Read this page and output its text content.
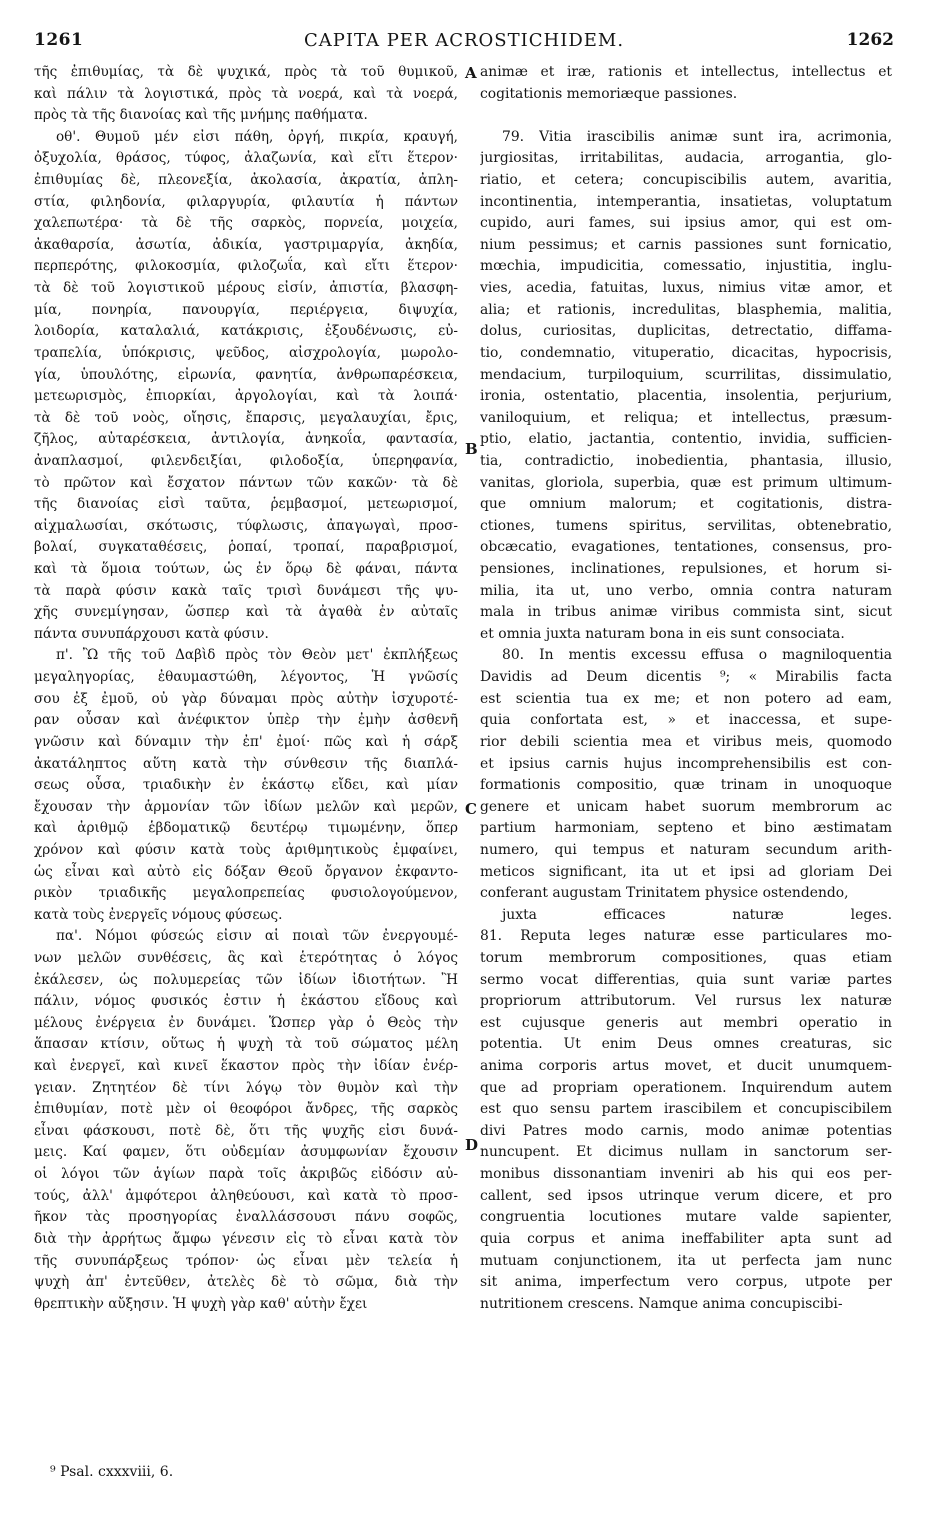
1261	CAPITA PER ACROSTICHIDEM.	1262
τῆς ἐπιθυμίας, τὰ δὲ ψυχικά, πρὸς τὰ τοῦ θυμικοῦ,
καὶ πάλιν τὰ λογιστικά, πρὸς τὰ νοερά, καὶ τὰ νοερά,
πρὸς τὰ τῆς διανοίας καὶ τῆς μνήμης παθήματα.
οθ'. Θυμοῦ μέν εἰσι πάθη, ὀργή, πικρία, κραυγή,
ὀξυχολία, θράσος, τύφος, ἀλαζωνία, καὶ εἴτι ἕτερον·
ἐπιθυμίας δὲ, πλεονεξία, ἀκολασία, ἀκρατία, ἀπλη-
στία, φιληδονία, φιλαργυρία, φιλαυτία ἡ πάντων
χαλεπωτέρα· τὰ δὲ τῆς σαρκὸς, πορνεία, μοιχεία,
ἀκαθαρσία, ἀσωτία, ἀδικία, γαστριμαργία, ἀκηδία,
περπερότης, φιλοκοσμία, φιλοζωΐα, καὶ εἴτι ἕτερον·
τὰ δὲ τοῦ λογιστικοῦ μέρους εἰσίν, ἀπιστία, βλασφη-
μία, πονηρία, πανουργία, περιέργεια, διψυχία,
λοιδορία, καταλαλιά, κατάκρισις, ἐξουδένωσις, εὐ-
τραπελία, ὑπόκρισις, ψεῦδος, αἰσχρολογία, μωρολο-
γία, ὑπουλότης, εἰρωνία, φανητία, ἀνθρωπαρέσκεια,
μετεωρισμὸς, ἐπιορκίαι, ἀργολογίαι, καὶ τὰ λοιπά·
τὰ δὲ τοῦ νοὸς, οἴησις, ἔπαρσις, μεγαλαυχίαι, ἔρις,
ζῆλος, αὐταρέσκεια, ἀντιλογία, ἀνηκοΐα, φαντασία,
ἀναπλασμοί, φιλενδειξίαι, φιλοδοξία, ὑπερηφανία,
τὸ πρῶτον καὶ ἔσχατον πάντων τῶν κακῶν· τὰ δὲ
τῆς διανοίας εἰσὶ ταῦτα, ῥεμβασμοί, μετεωρισμοί,
αἰχμαλωσίαι, σκότωσις, τύφλωσις, ἀπαγωγαὶ, προσ-
βολαί, συγκαταθέσεις, ῥοπαί, τροπαί, παραβρισμοί,
καὶ τὰ ὅμοια τούτων, ὡς ἐν ὅρῳ δὲ φάναι, πάντα
τὰ παρὰ φύσιν κακὰ ταῖς τρισὶ δυνάμεσι τῆς ψυ-
χῆς συνεμίγησαν, ὥσπερ καὶ τὰ ἀγαθὰ ἐν αὐταῖς
πάντα συνυπάρχουσι κατὰ φύσιν.
π'. Ὢ τῆς τοῦ Δαβὶδ πρὸς τὸν Θεὸν μετ' ἐκπλήξεως
μεγαληγορίας, ἐθαυμαστώθη, λέγοντος, Ἡ γνῶσίς
σου ἐξ ἐμοῦ, οὐ γὰρ δύναμαι πρὸς αὐτὴν ἰσχυροτέ-
ραν οὖσαν καὶ ἀνέφικτον ὑπὲρ τὴν ἐμὴν ἀσθενῆ
γνῶσιν καὶ δύναμιν τὴν ἐπ' ἐμοί· πῶς καὶ ἡ σάρξ
ἀκατάληπτος αὕτη κατὰ τὴν σύνθεσιν τῆς διαπλά-
σεως οὖσα, τριαδικὴν ἐν ἑκάστῳ εἴδει, καὶ μίαν
ἔχουσαν τὴν ἁρμονίαν τῶν ἰδίων μελῶν καὶ μερῶν,
καὶ ἀριθμῷ ἑβδοματικῷ δευτέρῳ τιμωμένην, ὅπερ
χρόνον καὶ φύσιν κατὰ τοὺς ἀριθμητικοὺς ἐμφαίνει,
ὡς εἶναι καὶ αὐτὸ εἰς δόξαν Θεοῦ ὄργανον ἐκφαντο-
ρικὸν τριαδικῆς μεγαλοπρεπείας φυσιολογούμενον,
κατὰ τοὺς ἐνεργεῖς νόμους φύσεως.
πα'. Νόμοι φύσεώς εἰσιν αἱ ποιαὶ τῶν ἐνεργουμέ-
νων μελῶν συνθέσεις, ἃς καὶ ἑτερότητας ὁ λόγος
ἐκάλεσεν, ὡς πολυμερείας τῶν ἰδίων ἰδιοτήτων. Ἢ
πάλιν, νόμος φυσικός ἐστιν ἡ ἑκάστου εἴδους καὶ
μέλους ἐνέργεια ἐν δυνάμει. Ὥσπερ γὰρ ὁ Θεὸς τὴν
ἅπασαν κτίσιν, οὕτως ἡ ψυχὴ τὰ τοῦ σώματος μέλη
καὶ ἐνεργεῖ, καὶ κινεῖ ἕκαστον πρὸς τὴν ἰδίαν ἐνέρ-
γειαν. Ζητητέον δὲ τίνι λόγῳ τὸν θυμὸν καὶ τὴν
ἐπιθυμίαν, ποτὲ μὲν οἱ θεοφόροι ἄνδρες, τῆς σαρκὸς
εἶναι φάσκουσι, ποτὲ δὲ, ὅτι τῆς ψυχῆς εἰσι δυνά-
μεις. Καί φαμεν, ὅτι οὐδεμίαν ἀσυμφωνίαν ἔχουσιν
οἱ λόγοι τῶν ἁγίων παρὰ τοῖς ἀκριβῶς εἰδόσιν αὐ-
τούς, ἀλλ' ἀμφότεροι ἀληθεύουσι, καὶ κατὰ τὸ προσ-
ῆκον τὰς προσηγορίας ἐναλλάσσουσι πάνυ σοφῶς,
διὰ τὴν ἀρρήτως ἄμφω γένεσιν εἰς τὸ εἶναι κατὰ τὸν
τῆς συνυπάρξεως τρόπον· ὡς εἶναι μὲν τελεία ἡ
ψυχὴ ἀπ' ἐντεῦθεν, ἀτελὲς δὲ τὸ σῶμα, διὰ τὴν
θρεπτικὴν αὔξησιν. Ἡ ψυχὴ γὰρ καθ' αὑτὴν ἔχει
animæ et iræ, rationis et intellectus, intellectus et
cogitationis memoriæque passiones.
79. Vitia irascibilis animæ sunt ira, acrimonia,
jurgiositas, irritabilitas, audacia, arrogantia, glo-
riatio, et cetera; concupiscibilis autem, avaritia,
incontinentia, intemperantia, insatietas, voluptatum
cupido, auri fames, sui ipsius amor, qui est om-
nium pessimus; et carnis passiones sunt fornicatio,
mœchia, impudicitia, comessatio, injustitia, inglu-
vies, acedia, fatuitas, luxus, nimius vitæ amor, et
alia; et rationis, incredulitas, blasphemia, malitia,
dolus, curiositas, duplicitas, detrectatio, diffama-
tio, condemnatio, vituperatio, dicacitas, hypocrisis,
mendacium, turpiloquium, scurrilitas, dissimulatio,
ironia, ostentatio, placentia, insolentia, perjurium,
vaniloquium, et reliqua; et intellectus, præsum-
ptio, elatio, jactantia, contentio, invidia, sufficien-
tia, contradictio, inobedientia, phantasia, illusio,
vanitas, gloriola, superbia, quæ est primum ultimum-
que omnium malorum; et cogitationis, distra-
ctiones, tumens spiritus, servilitas, obtenebratio,
obcæcatio, evagationes, tentationes, consensus, pro-
pensiones, inclinationes, repulsiones, et horum si-
milia, ita ut, uno verbo, omnia contra naturam
mala in tribus animæ viribus commista sint, sicut
et omnia juxta naturam bona in eis sunt consociata.
80. In mentis excessu effusa o magniloquentia
Davidis ad Deum dicentis ⁹; « Mirabilis facta
est scientia tua ex me; et non potero ad eam,
quia confortata est, » et inaccessa, et supe-
rior debili scientia mea et viribus meis, quomodo
et ipsius carnis hujus incomprehensibilis est con-
formationis compositio, quæ trinam in unoquoque
genere et unicam habet suorum membrorum ac
partium harmoniam, septeno et bino æstimatam
numero, qui tempus et naturam secundum arith-
meticos significant, ita ut et ipsi ad gloriam Dei
conferant augustam Trinitatem physice ostendendo,
juxta efficaces naturæ leges.
81. Reputa leges naturæ esse particulares mo-
torum membrorum compositiones, quas etiam
sermo vocat differentias, quia sunt variæ partes
propriorum attributorum. Vel rursus lex naturæ
est cujusque generis aut membri operatio in
potentia. Ut enim Deus omnes creaturas, sic
anima corporis artus movet, et ducit unumquem-
que ad propriam operationem. Inquirendum autem
est quo sensu partem irascibilem et concupiscibilem
divi Patres modo carnis, modo animæ potentias
nuncupent. Et dicimus nullam in sanctorum ser-
monibus dissonantiam inveniri ab his qui eos per-
callent, sed ipsos utrinque verum dicere, et pro
congruentia locutiones mutare valde sapienter,
quia corpus et anima ineffabiliter apta sunt ad
mutuam conjunctionem, ita ut perfecta jam nunc
sit anima, imperfectum vero corpus, utpote per
nutritionem crescens. Namque anima concupiscibi-
A
B
C
D
⁹ Psal. cxxxviii, 6.
